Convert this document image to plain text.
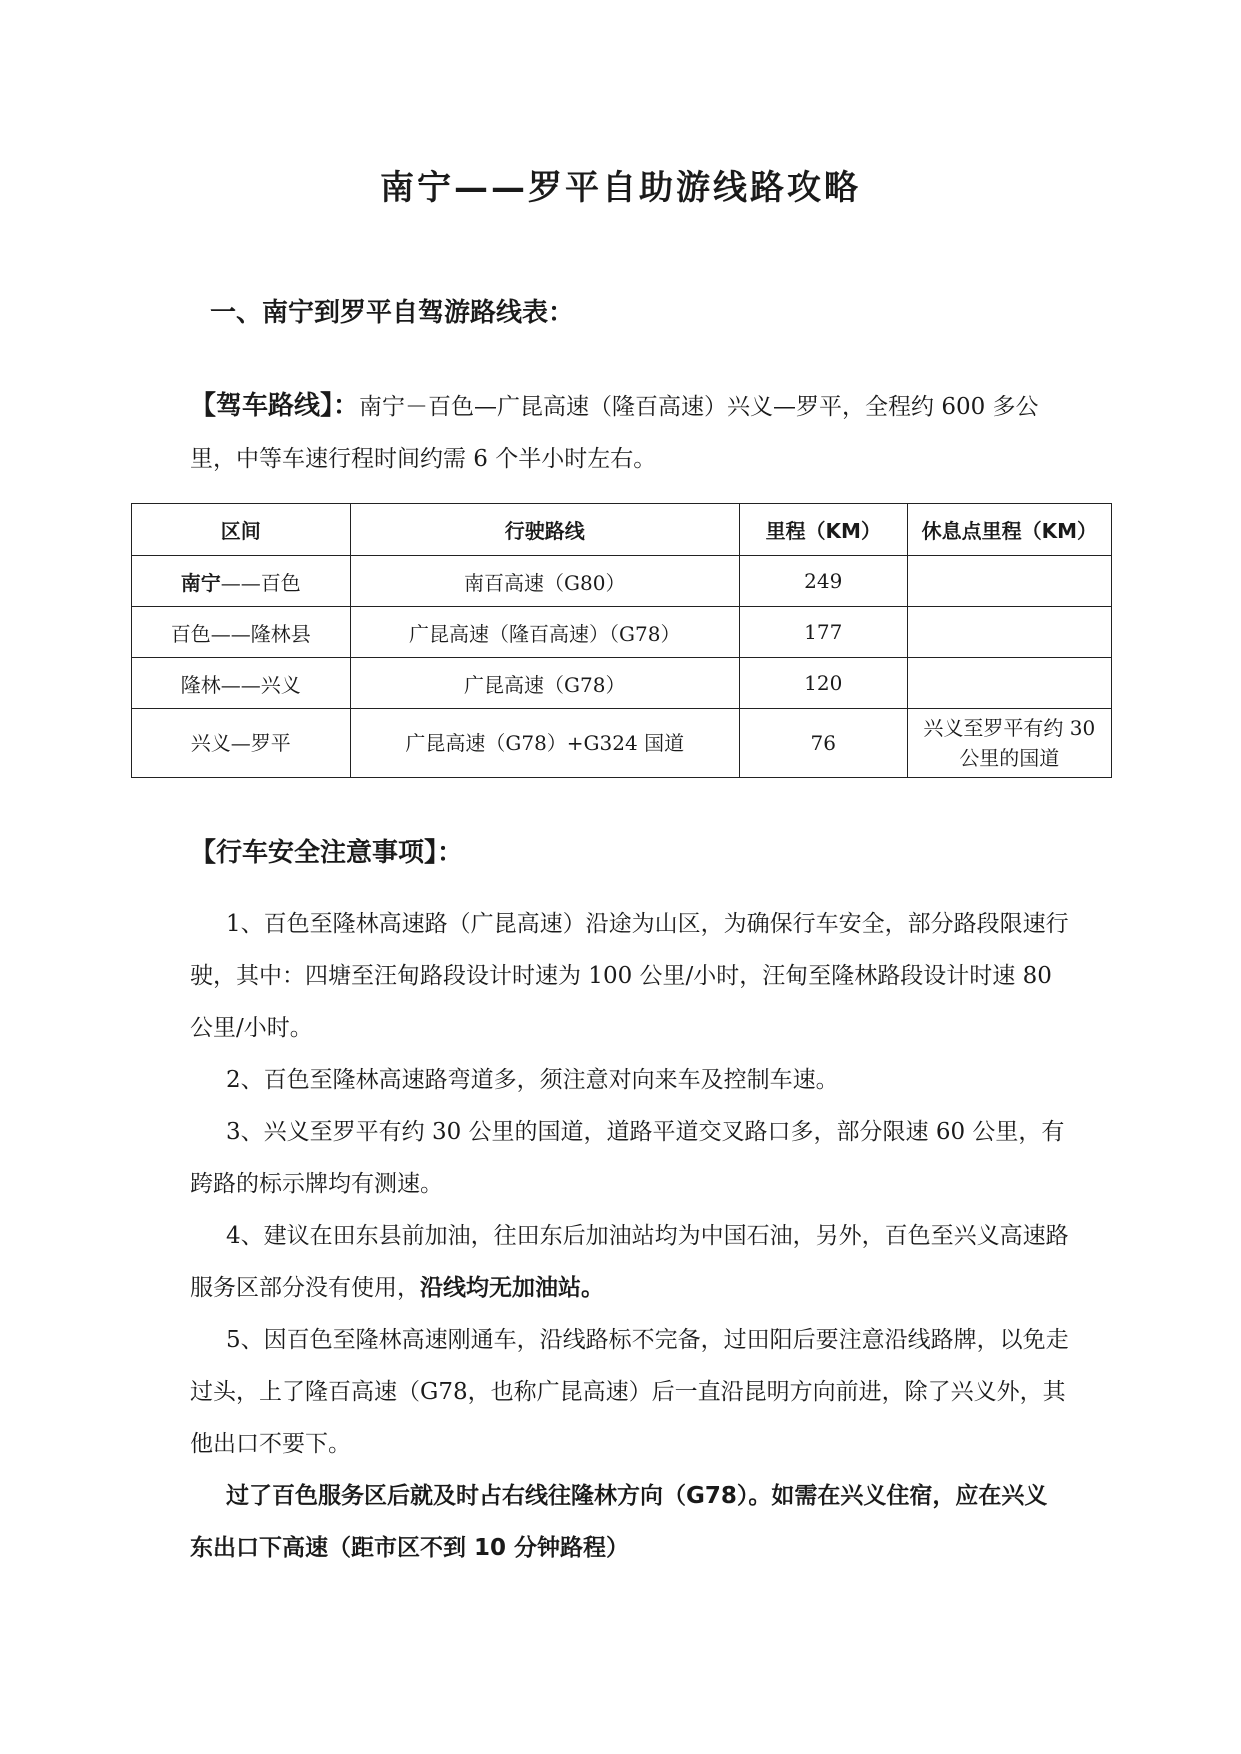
南宁——罗平自助游线路攻略
一、南宁到罗平自驾游路线表：
【驾车路线】：南宁－百色—广昆高速（隆百高速）兴义—罗平，全程约 600 多公里，中等车速行程时间约需 6 个半小时左右。
区间	行驶路线	里程（KM）	休息点里程（KM）
南宁——百色	南百高速（G80）	249	
百色——隆林县	广昆高速（隆百高速）（G78）	177	
隆林——兴义	广昆高速（G78）	120	
兴义—罗平	广昆高速（G78）+G324 国道	76	兴义至罗平有约 30 公里的国道
【行车安全注意事项】：

1、百色至隆林高速路（广昆高速）沿途为山区，为确保行车安全，部分路段限速行驶，其中：四塘至汪甸路段设计时速为 100 公里/小时，汪甸至隆林路段设计时速 80 公里/小时。

2、百色至隆林高速路弯道多，须注意对向来车及控制车速。

3、兴义至罗平有约 30 公里的国道，道路平道交叉路口多，部分限速 60 公里，有跨路的标示牌均有测速。

4、建议在田东县前加油，往田东后加油站均为中国石油，另外，百色至兴义高速路服务区部分没有使用，沿线均无加油站。

5、因百色至隆林高速刚通车，沿线路标不完备，过田阳后要注意沿线路牌，以免走过头，上了隆百高速（G78，也称广昆高速）后一直沿昆明方向前进，除了兴义外，其他出口不要下。

过了百色服务区后就及时占右线往隆林方向（G78）。如需在兴义住宿，应在兴义东出口下高速（距市区不到 10 分钟路程）
